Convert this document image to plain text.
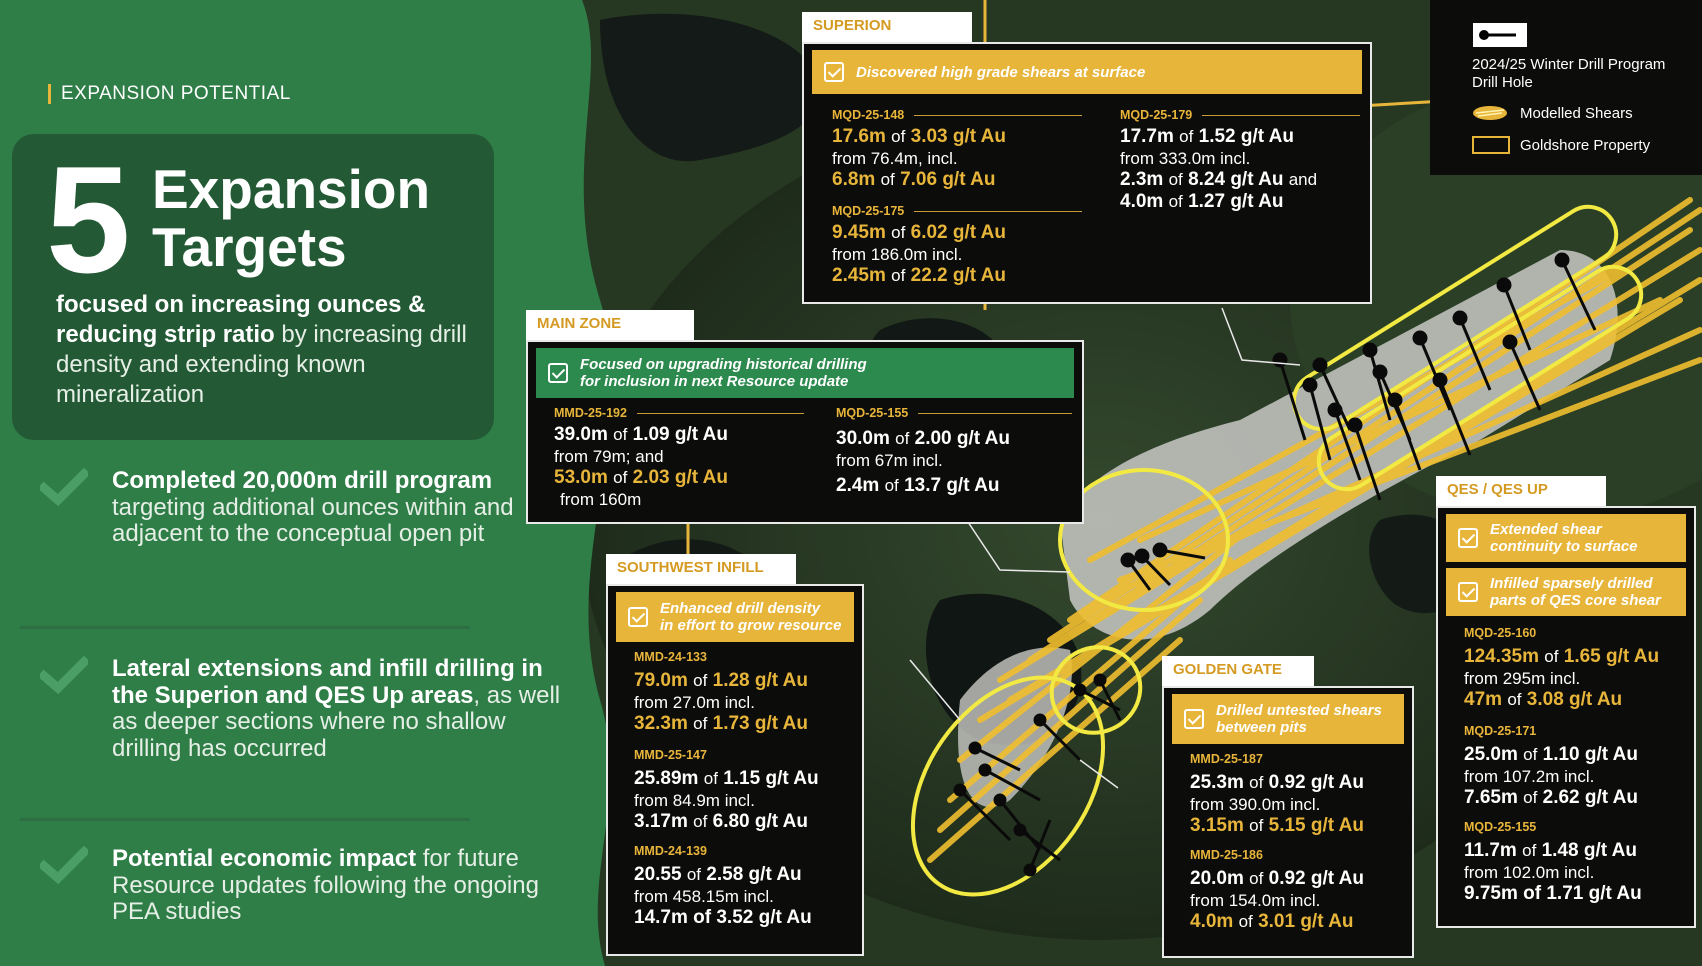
EXPANSION POTENTIAL
5 Expansion
Targets
focused on increasing ounces & reducing strip ratio by increasing drill density and extending known mineralization
Completed 20,000m drill program targeting additional ounces within and adjacent to the conceptual open pit
Lateral extensions and infill drilling in the Superion and QES Up areas, as well as deeper sections where no shallow drilling has occurred
Potential economic impact for future Resource updates following the ongoing PEA studies
2024/25 Winter Drill Program Drill Hole
Modelled Shears
Goldshore Property
SUPERION
Discovered high grade shears at surface
MQD-25-148
17.6m of 3.03 g/t Au
from 76.4m, incl.
6.8m of 7.06 g/t Au
MQD-25-175
9.45m of 6.02 g/t Au
from 186.0m incl.
2.45m of 22.2 g/t Au
MQD-25-179
17.7m of 1.52 g/t Au
from 333.0m incl.
2.3m of 8.24 g/t Au and
4.0m of 1.27 g/t Au
MAIN ZONE
Focused on upgrading historical drilling
for inclusion in next Resource update
MMD-25-192
39.0m of 1.09 g/t Au
from 79m; and
53.0m of 2.03 g/t Au
from 160m
MQD-25-155
30.0m of 2.00 g/t Au
from 67m incl.
2.4m of 13.7 g/t Au
SOUTHWEST INFILL
Enhanced drill density
in effort to grow resource
MMD-24-133
79.0m of 1.28 g/t Au
from 27.0m incl.
32.3m of 1.73 g/t Au
MMD-25-147
25.89m of 1.15 g/t Au
from 84.9m incl.
3.17m of 6.80 g/t Au
MMD-24-139
20.55 of 2.58 g/t Au
from 458.15m incl.
14.7m of 3.52 g/t Au
GOLDEN GATE
Drilled untested shears
between pits
MMD-25-187
25.3m of 0.92 g/t Au
from 390.0m incl.
3.15m of 5.15 g/t Au
MMD-25-186
20.0m of 0.92 g/t Au
from 154.0m incl.
4.0m of 3.01 g/t Au
QES / QES UP
Extended shear
continuity to surface
Infilled sparsely drilled
parts of QES core shear
MQD-25-160
124.35m of 1.65 g/t Au
from 295m incl.
47m of 3.08 g/t Au
MQD-25-171
25.0m of 1.10 g/t Au
from 107.2m incl.
7.65m of 2.62 g/t Au
MQD-25-155
11.7m of 1.48 g/t Au
from 102.0m incl.
9.75m of 1.71 g/t Au
